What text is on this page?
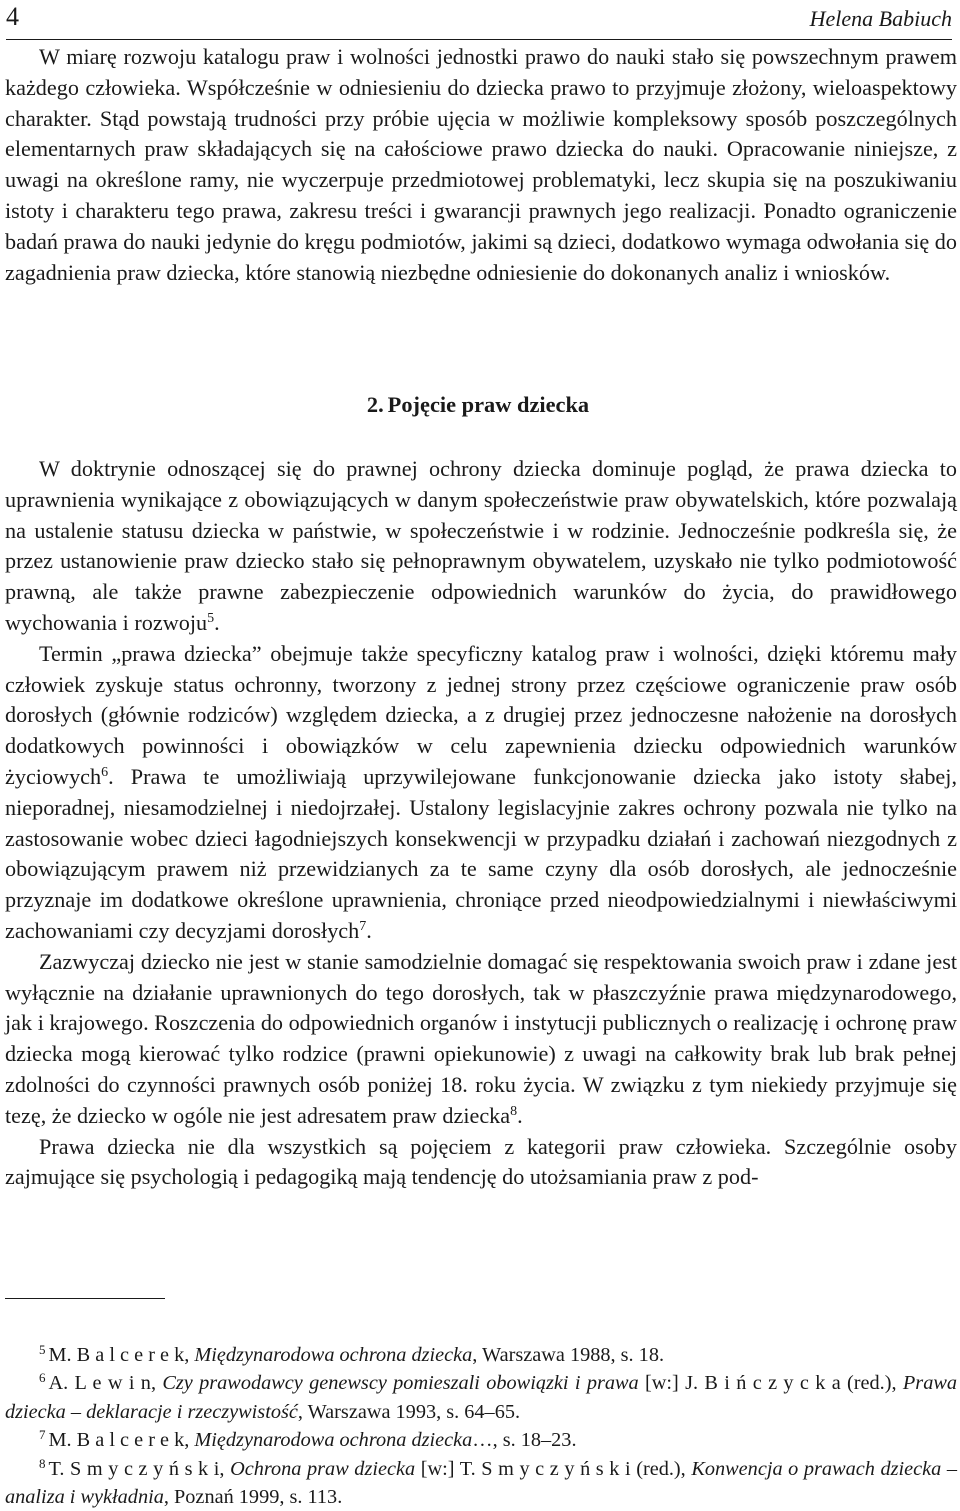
4	Helena Babiuch

W miarę rozwoju katalogu praw i wolności jednostki prawo do nauki stało się powszechnym prawem każdego człowieka. Współcześnie w odniesieniu do dziecka prawo to przyjmuje złożony, wieloaspektowy charakter. Stąd powstają trudności przy próbie ujęcia w możliwie kompleksowy sposób poszczególnych elementarnych praw składających się na całościowe prawo dziecka do nauki. Opracowanie niniejsze, z uwagi na określone ramy, nie wyczerpuje przedmiotowej problematyki, lecz skupia się na poszukiwaniu istoty i charakteru tego prawa, zakresu treści i gwarancji prawnych jego realizacji. Ponadto ograniczenie badań prawa do nauki jedynie do kręgu podmiotów, jakimi są dzieci, dodatkowo wymaga odwołania się do zagadnienia praw dziecka, które stanowią niezbędne odniesienie do dokonanych analiz i wniosków.

2. Pojęcie praw dziecka

W doktrynie odnoszącej się do prawnej ochrony dziecka dominuje pogląd, że prawa dziecka to uprawnienia wynikające z obowiązujących w danym społeczeństwie praw obywatelskich, które pozwalają na ustalenie statusu dziecka w państwie, w społeczeństwie i w rodzinie. Jednocześnie podkreśla się, że przez ustanowienie praw dziecko stało się pełnoprawnym obywatelem, uzyskało nie tylko podmiotowość prawną, ale także prawne zabezpieczenie odpowiednich warunków do życia, do prawidłowego wychowania i rozwoju$^5$.

Termin „prawa dziecka” obejmuje także specyficzny katalog praw i wolności, dzięki któremu mały człowiek zyskuje status ochronny, tworzony z jednej strony przez częściowe ograniczenie praw osób dorosłych (głównie rodziców) względem dziecka, a z drugiej przez jednoczesne nałożenie na dorosłych dodatkowych powinności i obowiązków w celu zapewnienia dziecku odpowiednich warunków życiowych$^6$. Prawa te umożliwiają uprzywilejowane funkcjonowanie dziecka jako istoty słabej, nieporadnej, niesamodzielnej i niedojrzałej. Ustalony legislacyjnie zakres ochrony pozwala nie tylko na zastosowanie wobec dzieci łagodniejszych konsekwencji w przypadku działań i zachowań niezgodnych z obowiązującym prawem niż przewidzianych za te same czyny dla osób dorosłych, ale jednocześnie przyznaje im dodatkowe określone uprawnienia, chroniące przed nieodpowiedzialnymi i niewłaściwymi zachowaniami czy decyzjami dorosłych$^7$.

Zazwyczaj dziecko nie jest w stanie samodzielnie domagać się respektowania swoich praw i zdane jest wyłącznie na działanie uprawnionych do tego dorosłych, tak w płaszczyźnie prawa międzynarodowego, jak i krajowego. Roszczenia do odpowiednich organów i instytucji publicznych o realizację i ochronę praw dziecka mogą kierować tylko rodzice (prawni opiekunowie) z uwagi na całkowity brak lub brak pełnej zdolności do czynności prawnych osób poniżej 18. roku życia. W związku z tym niekiedy przyjmuje się tezę, że dziecko w ogóle nie jest adresatem praw dziecka$^8$.

Prawa dziecka nie dla wszystkich są pojęciem z kategorii praw człowieka. Szczególnie osoby zajmujące się psychologią i pedagogiką mają tendencję do utożsamiania praw z pod-

$^5$ M. B a l c e r e k, Międzynarodowa ochrona dziecka, Warszawa 1988, s. 18.

$^6$ A. L e w i n, Czy prawodawcy genewscy pomieszali obowiązki i prawa [w:] J. B i ń c z y c k a (red.), Prawa dziecka – deklaracje i rzeczywistość, Warszawa 1993, s. 64–65.

$^7$ M. B a l c e r e k, Międzynarodowa ochrona dziecka…, s. 18–23.

$^8$ T. S m y c z y ń s k i, Ochrona praw dziecka [w:] T. S m y c z y ń s k i (red.), Konwencja o prawach dziecka – analiza i wykładnia, Poznań 1999, s. 113.
